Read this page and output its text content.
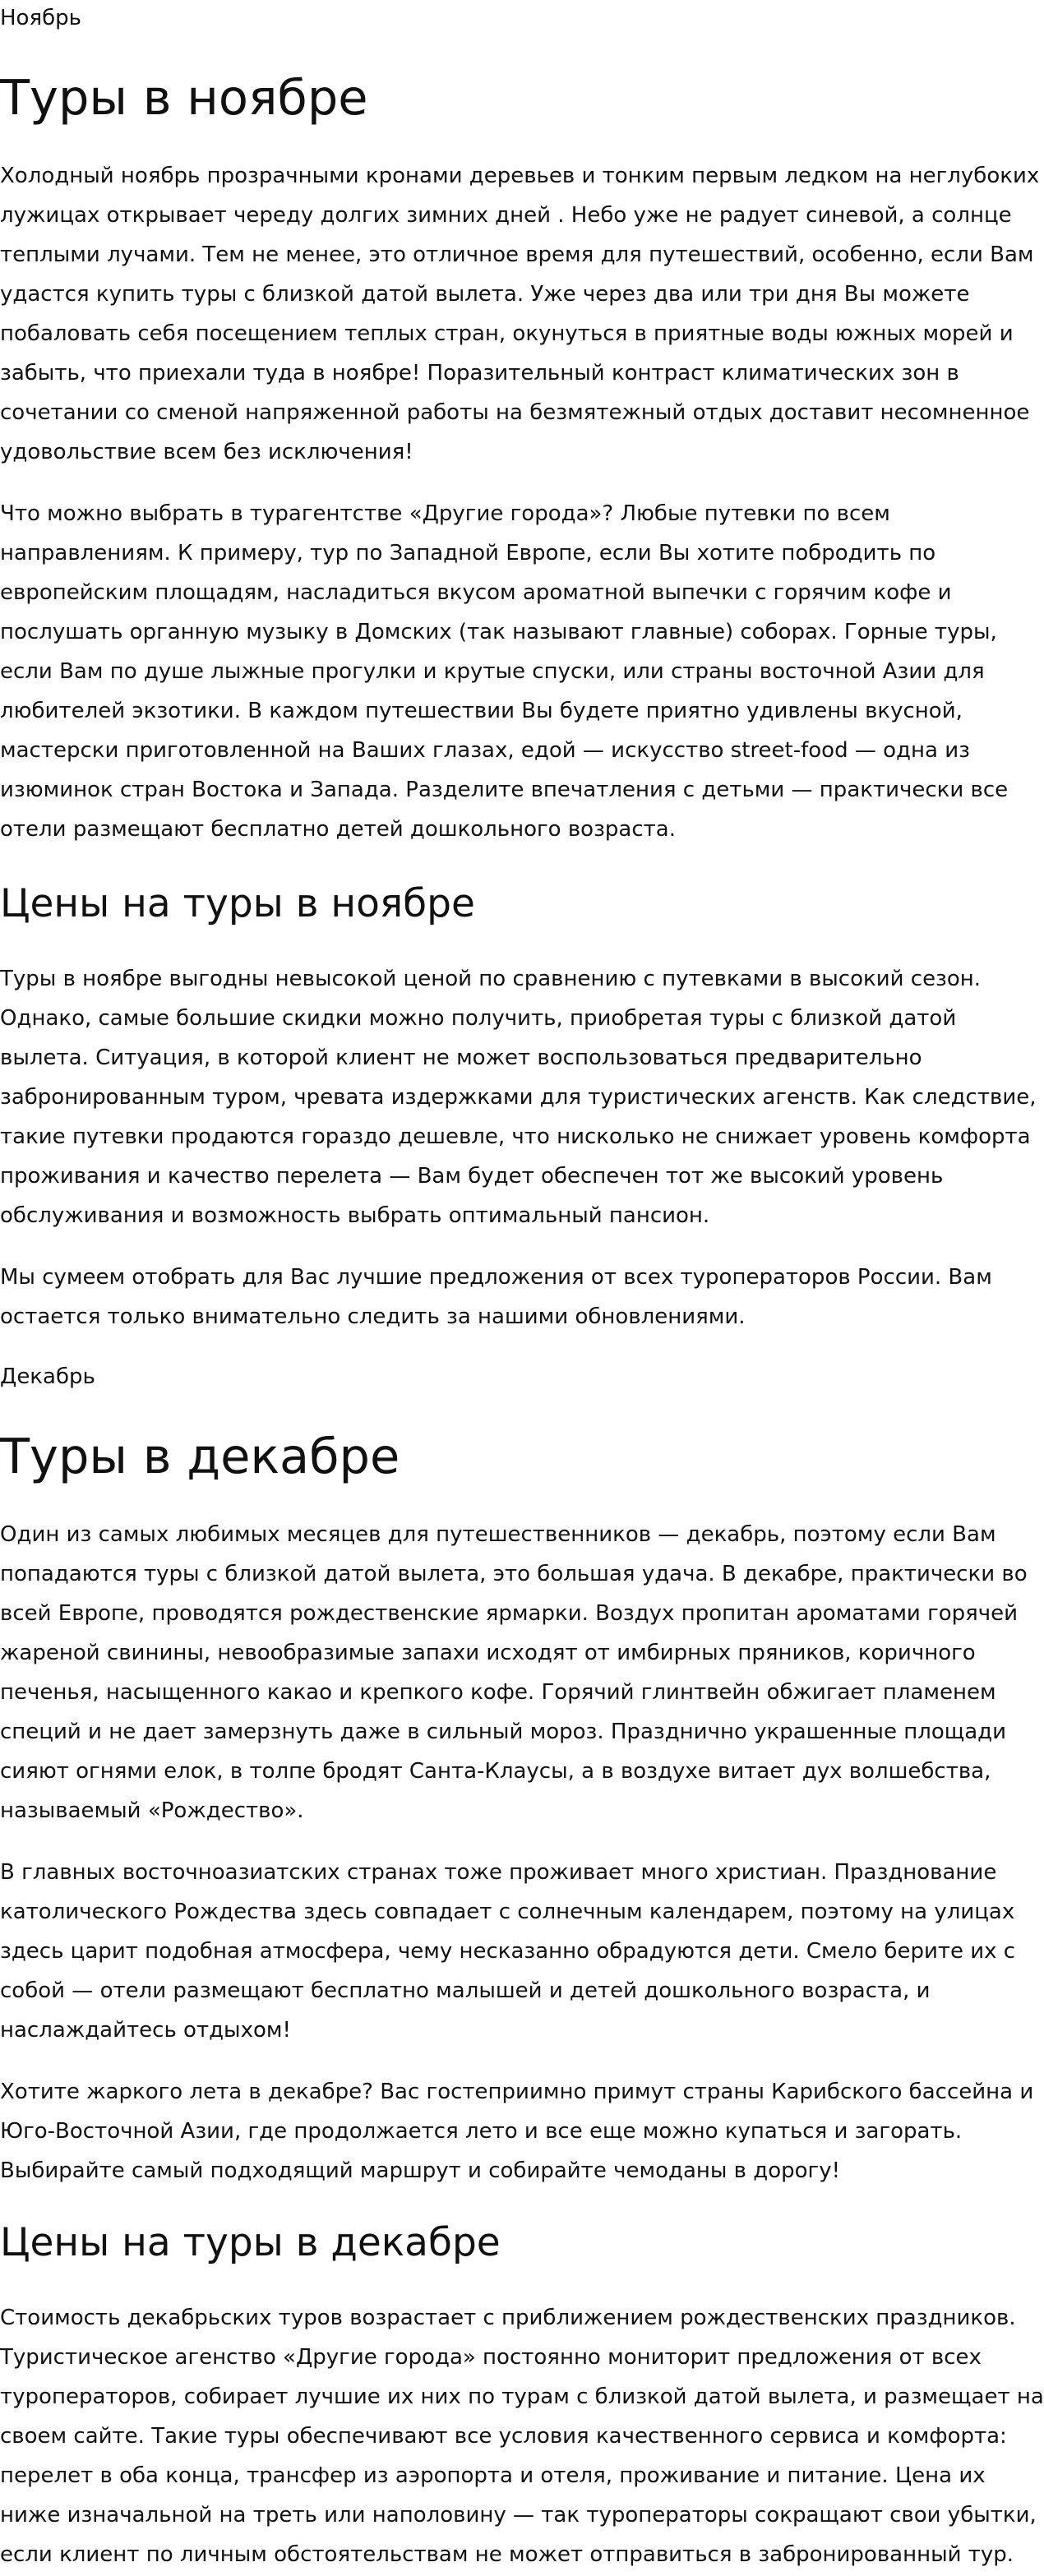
Ноябрь
Туры в ноябре
Холодный ноябрь прозрачными кронами деревьев и тонким первым ледком на неглубоких
лужицах открывает череду долгих зимних дней . Небо уже не радует синевой, а солнце
теплыми лучами. Тем не менее, это отличное время для путешествий, особенно, если Вам
удастся купить туры с близкой датой вылета. Уже через два или три дня Вы можете
побаловать себя посещением теплых стран, окунуться в приятные воды южных морей и
забыть, что приехали туда в ноябре! Поразительный контраст климатических зон в
сочетании со сменой напряженной работы на безмятежный отдых доставит несомненное
удовольствие всем без исключения!
Что можно выбрать в турагентстве «Другие города»? Любые путевки по всем
направлениям. К примеру, тур по Западной Европе, если Вы хотите побродить по
европейским площадям, насладиться вкусом ароматной выпечки с горячим кофе и
послушать органную музыку в Домских (так называют главные) соборах. Горные туры,
если Вам по душе лыжные прогулки и крутые спуски, или страны восточной Азии для
любителей экзотики. В каждом путешествии Вы будете приятно удивлены вкусной,
мастерски приготовленной на Ваших глазах, едой — искусство street-food — одна из
изюминок стран Востока и Запада. Разделите впечатления с детьми — практически все
отели размещают бесплатно детей дошкольного возраста.
Цены на туры в ноябре
Туры в ноябре выгодны невысокой ценой по сравнению с путевками в высокий сезон.
Однако, самые большие скидки можно получить, приобретая туры с близкой датой
вылета. Ситуация, в которой клиент не может воспользоваться предварительно
забронированным туром, чревата издержками для туристических агенств. Как следствие,
такие путевки продаются гораздо дешевле, что нисколько не снижает уровень комфорта
проживания и качество перелета — Вам будет обеспечен тот же высокий уровень
обслуживания и возможность выбрать оптимальный пансион.
Мы сумеем отобрать для Вас лучшие предложения от всех туроператоров России. Вам
остается только внимательно следить за нашими обновлениями.
Декабрь
Туры в декабре
Один из самых любимых месяцев для путешественников — декабрь, поэтому если Вам
попадаются туры с близкой датой вылета, это большая удача. В декабре, практически во
всей Европе, проводятся рождественские ярмарки. Воздух пропитан ароматами горячей
жареной свинины, невообразимые запахи исходят от имбирных пряников, коричного
печенья, насыщенного какао и крепкого кофе. Горячий глинтвейн обжигает пламенем
специй и не дает замерзнуть даже в сильный мороз. Празднично украшенные площади
сияют огнями елок, в толпе бродят Санта-Клаусы, а в воздухе витает дух волшебства,
называемый «Рождество».
В главных восточноазиатских странах тоже проживает много христиан. Празднование
католического Рождества здесь совпадает с солнечным календарем, поэтому на улицах
здесь царит подобная атмосфера, чему несказанно обрадуются дети. Смело берите их с
собой — отели размещают бесплатно малышей и детей дошкольного возраста, и
наслаждайтесь отдыхом!
Хотите жаркого лета в декабре? Вас гостеприимно примут страны Карибского бассейна и
Юго-Восточной Азии, где продолжается лето и все еще можно купаться и загорать.
Выбирайте самый подходящий маршрут и собирайте чемоданы в дорогу!
Цены на туры в декабре
Стоимость декабрьских туров возрастает с приближением рождественских праздников.
Туристическое агенство «Другие города» постоянно мониторит предложения от всех
туроператоров, собирает лучшие их них по турам с близкой датой вылета, и размещает на
своем сайте. Такие туры обеспечивают все условия качественного сервиса и комфорта:
перелет в оба конца, трансфер из аэропорта и отеля, проживание и питание. Цена их
ниже изначальной на треть или наполовину — так туроператоры сокращают свои убытки,
если клиент по личным обстоятельствам не может отправиться в забронированный тур.
